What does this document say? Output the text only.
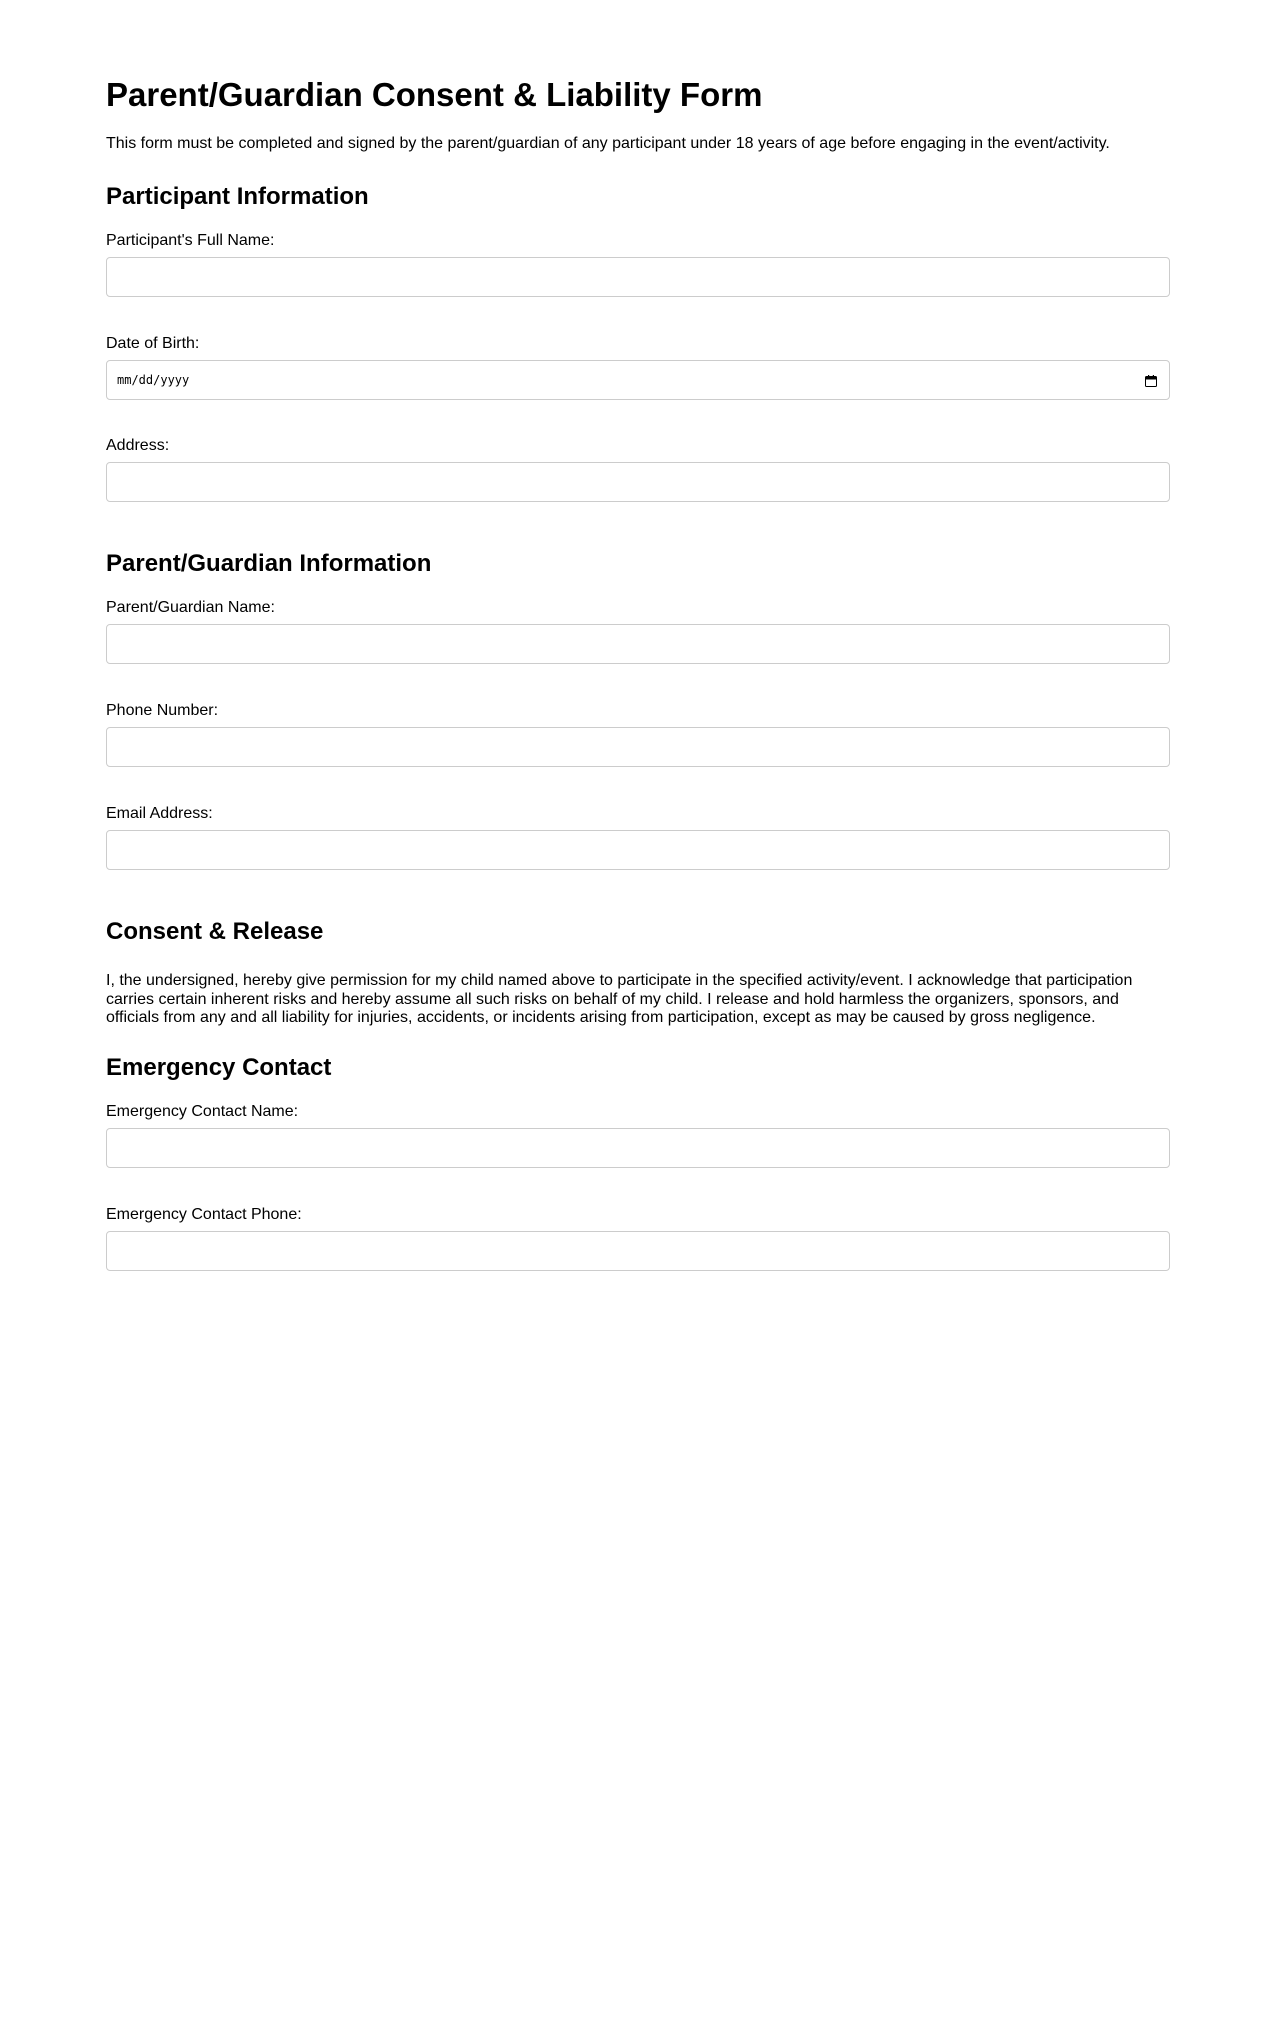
Parent/Guardian Consent & Liability Form

This form must be completed and signed by the parent/guardian of any participant under 18 years of age before engaging in the event/activity.

Participant Information
Participant's Full Name:
Date of Birth:
mm/dd/yyyy
Address:
Parent/Guardian Information
Parent/Guardian Name:
Phone Number:
Email Address:
Consent & Release

I, the undersigned, hereby give permission for my child named above to participate in the specified activity/event. I acknowledge that participation carries certain inherent risks and hereby assume all such risks on behalf of my child. I release and hold harmless the organizers, sponsors, and officials from any and all liability for injuries, accidents, or incidents arising from participation, except as may be caused by gross negligence.

Emergency Contact
Emergency Contact Name:
Emergency Contact Phone:
